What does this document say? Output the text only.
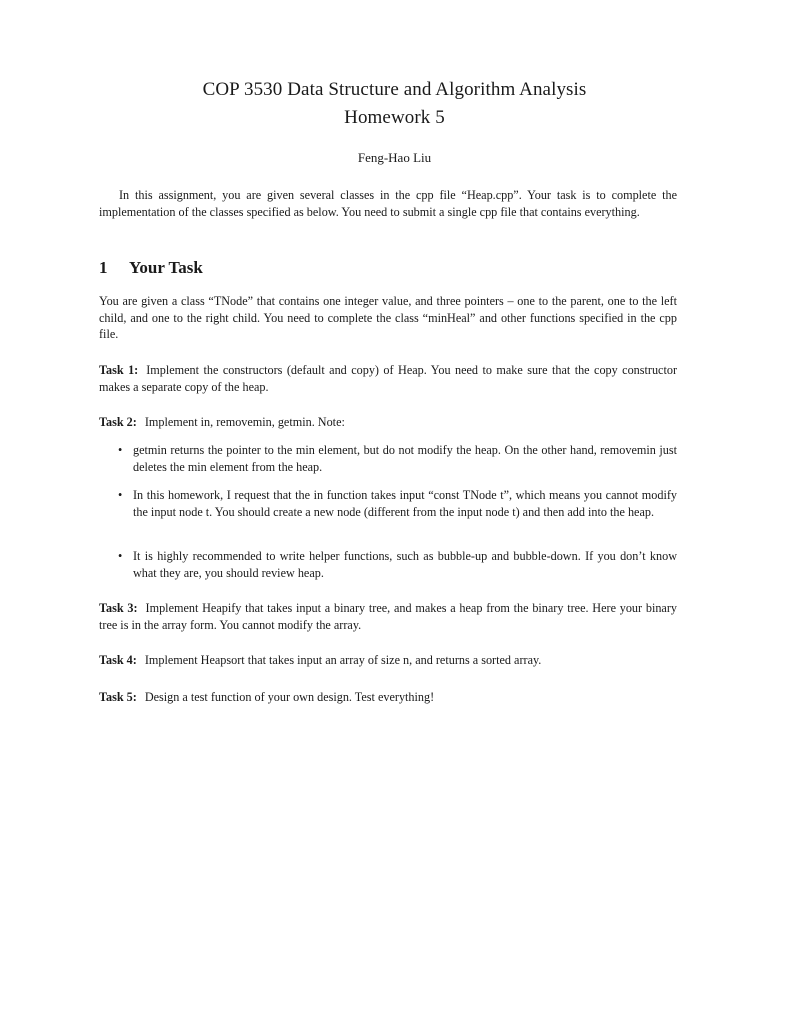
COP 3530 Data Structure and Algorithm Analysis
Homework 5
Feng-Hao Liu
In this assignment, you are given several classes in the cpp file “Heap.cpp”. Your task is to complete the implementation of the classes specified as below. You need to submit a single cpp file that contains everything.
1 Your Task
You are given a class “TNode” that contains one integer value, and three pointers – one to the parent, one to the left child, and one to the right child. You need to complete the class “minHeal” and other functions specified in the cpp file.
Task 1: Implement the constructors (default and copy) of Heap. You need to make sure that the copy constructor makes a separate copy of the heap.
Task 2: Implement in, removemin, getmin. Note:
• getmin returns the pointer to the min element, but do not modify the heap. On the other hand, removemin just deletes the min element from the heap.
• In this homework, I request that the in function takes input “const TNode t”, which means you cannot modify the input node t. You should create a new node (different from the input node t) and then add into the heap.
• It is highly recommended to write helper functions, such as bubble-up and bubble-down. If you don’t know what they are, you should review heap.
Task 3: Implement Heapify that takes input a binary tree, and makes a heap from the binary tree. Here your binary tree is in the array form. You cannot modify the array.
Task 4: Implement Heapsort that takes input an array of size n, and returns a sorted array.
Task 5: Design a test function of your own design. Test everything!
